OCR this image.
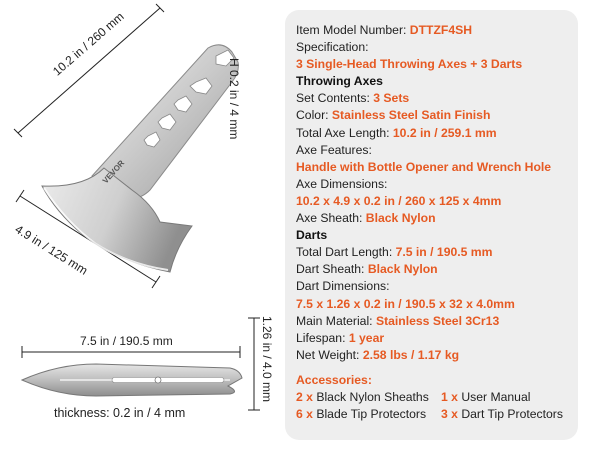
VEVOR
10.2 in / 260 mm
H 0.2 in / 4 mm
4.9 in / 125 mm
7.5 in / 190.5 mm	1.26 in / 4.0 mm
thickness: 0.2 in / 4 mm
Item Model Number: DTTZF4SH
Specification:
3 Single-Head Throwing Axes + 3 Darts
Throwing Axes
Set Contents: 3 Sets
Color: Stainless Steel Satin Finish
Total Axe Length: 10.2 in / 259.1 mm
Axe Features:
Handle with Bottle Opener and Wrench Hole
Axe Dimensions:
10.2 x 4.9 x 0.2 in / 260 x 125 x 4mm
Axe Sheath: Black Nylon
Darts
Total Dart Length: 7.5 in / 190.5 mm
Dart Sheath: Black Nylon
Dart Dimensions:
7.5 x 1.26 x 0.2 in / 190.5 x 32 x 4.0mm
Main Material: Stainless Steel 3Cr13
Lifespan: 1 year
Net Weight: 2.58 lbs / 1.17 kg
Accessories:
2 x Black Nylon Sheaths 1 x User Manual
6 x Blade Tip Protectors	3 x Dart Tip Protectors
